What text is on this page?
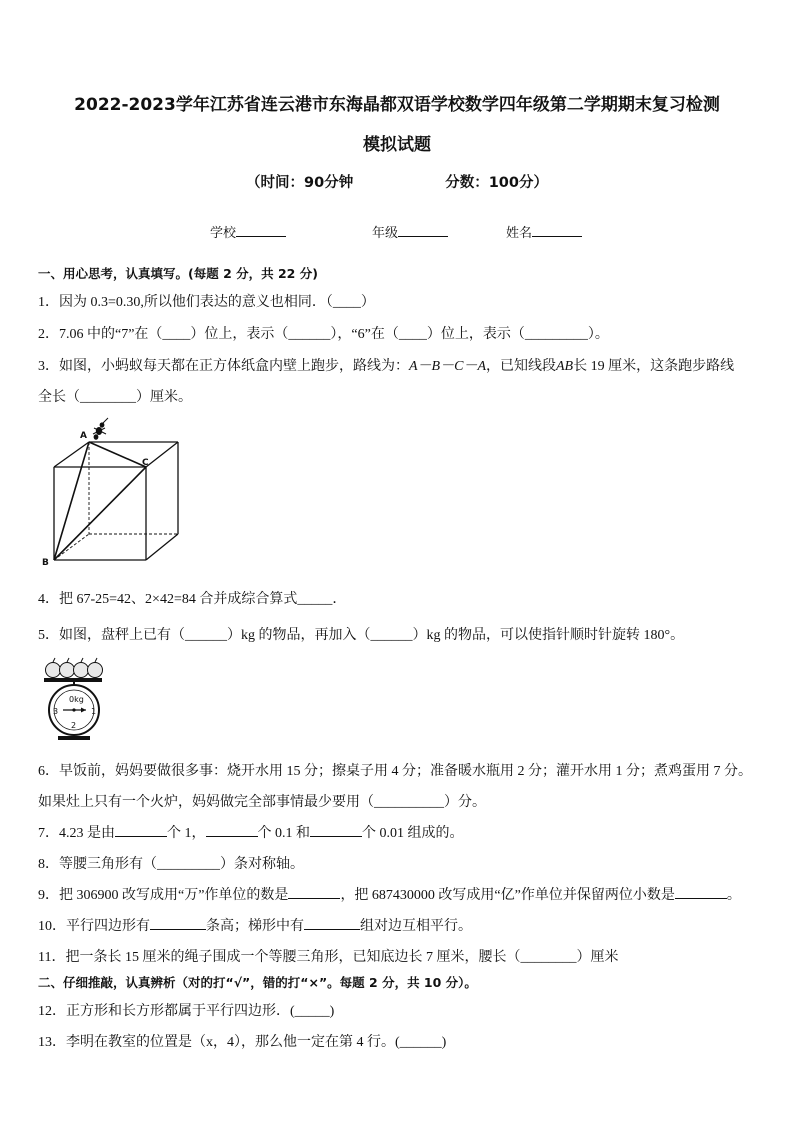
2022-2023学年江苏省连云港市东海晶都双语学校数学四年级第二学期期末复习检测
模拟试题
（时间：90分钟	分数：100分）
学校	年级	姓名
一、用心思考，认真填写。(每题 2 分，共 22 分)
1．因为 0.3=0.30,所以他们表达的意义也相同．（____）
2．7.06 中的“7”在（____）位上，表示（______），“6”在（____）位上，表示（_________）。
3．如图，小蚂蚁每天都在正方体纸盒内壁上跑步，路线为：A－B－C－A，已知线段AB长 19 厘米，这条跑步路线
全长（________）厘米。
A
B
C
4．把 67-25=42、2×42=84 合并成综合算式_____．
5．如图，盘秤上已有（______）kg 的物品，再加入（______）kg 的物品，可以使指针顺时针旋转 180°。
0kg
3	1
2
6．早饭前，妈妈要做很多事：烧开水用 15 分；擦桌子用 4 分；准备暖水瓶用 2 分；灌开水用 1 分；煮鸡蛋用 7 分。
如果灶上只有一个火炉，妈妈做完全部事情最少要用（__________）分。
7．4.23 是由	个 1，	个 0.1 和	个 0.01 组成的。
8．等腰三角形有（_________）条对称轴。
9．把 306900 改写成用“万”作单位的数是	，把 687430000 改写成用“亿”作单位并保留两位小数是	。
10．平行四边形有	条高；梯形中有	组对边互相平行。
11．把一条长 15 厘米的绳子围成一个等腰三角形，已知底边长 7 厘米，腰长（________）厘米
二、仔细推敲，认真辨析（对的打“√”，错的打“×”。每题 2 分，共 10 分）。
12．正方形和长方形都属于平行四边形．(_____)
13．李明在教室的位置是（x，4），那么他一定在第 4 行。(______)
